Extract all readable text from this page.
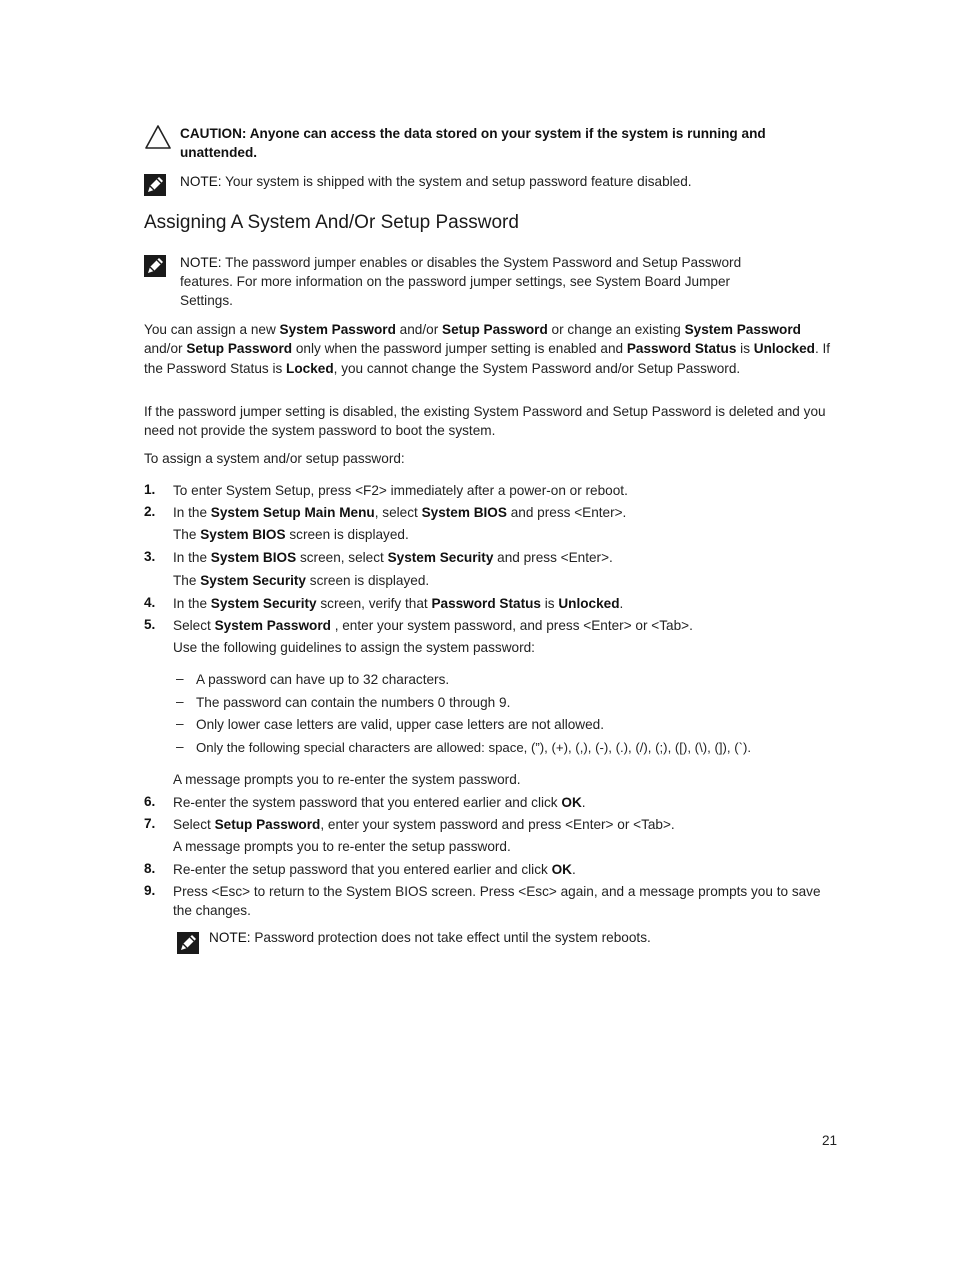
CAUTION: Anyone can access the data stored on your system if the system is running and unattended.
NOTE: Your system is shipped with the system and setup password feature disabled.
Assigning A System And/Or Setup Password
NOTE: The password jumper enables or disables the System Password and Setup Password features. For more information on the password jumper settings, see System Board Jumper Settings.

You can assign a new System Password and/or Setup Password or change an existing System Password and/or Setup Password only when the password jumper setting is enabled and Password Status is Unlocked. If the Password Status is Locked, you cannot change the System Password and/or Setup Password.

If the password jumper setting is disabled, the existing System Password and Setup Password is deleted and you need not provide the system password to boot the system.

To assign a system and/or setup password:

1. To enter System Setup, press <F2> immediately after a power-on or reboot.
2. In the System Setup Main Menu, select System BIOS and press <Enter>.
The System BIOS screen is displayed.
3. In the System BIOS screen, select System Security and press <Enter>.
The System Security screen is displayed.
4. In the System Security screen, verify that Password Status is Unlocked.
5. Select System Password , enter your system password, and press <Enter> or <Tab>.
Use the following guidelines to assign the system password:
– A password can have up to 32 characters.
– The password can contain the numbers 0 through 9.
– Only lower case letters are valid, upper case letters are not allowed.
– Only the following special characters are allowed: space, (”), (+), (,), (-), (.), (/), (;), ([), (\), (]), (`).
A message prompts you to re-enter the system password.
6. Re-enter the system password that you entered earlier and click OK.
7. Select Setup Password, enter your system password and press <Enter> or <Tab>.
A message prompts you to re-enter the setup password.
8. Re-enter the setup password that you entered earlier and click OK.
9. Press <Esc> to return to the System BIOS screen. Press <Esc> again, and a message prompts you to save the changes.
NOTE: Password protection does not take effect until the system reboots.
21
